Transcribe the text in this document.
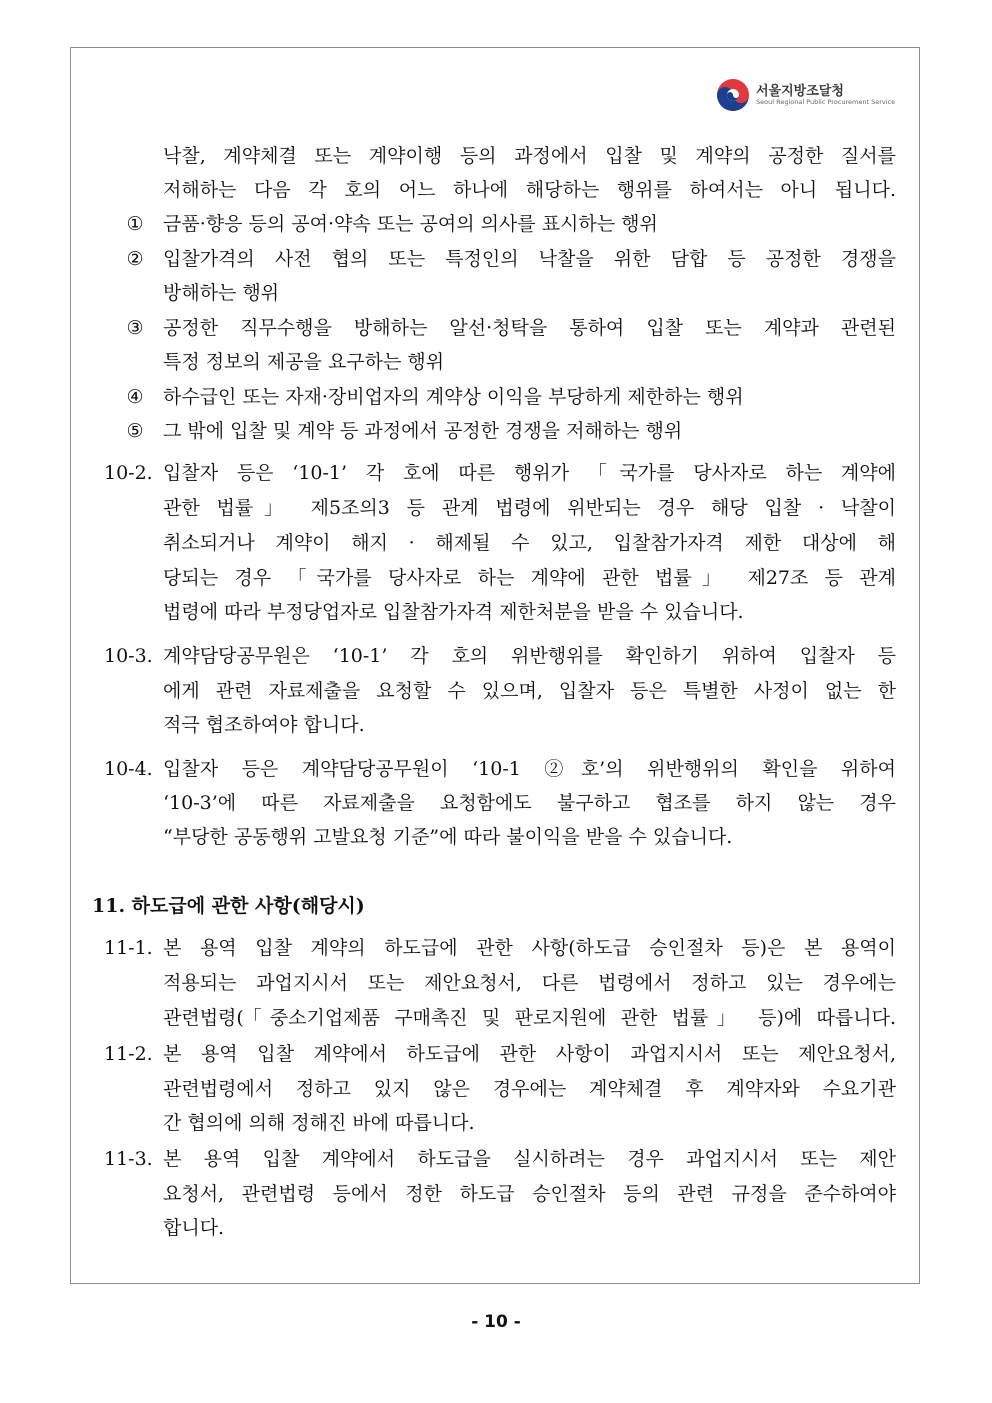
서울지방조달청
Seoul Regional Public Procurement Service
낙찰, 계약체결 또는 계약이행 등의 과정에서 입찰 및 계약의 공정한 질서를
저해하는 다음 각 호의 어느 하나에 해당하는 행위를 하여서는 아니 됩니다.
① 금품·향응 등의 공여·약속 또는 공여의 의사를 표시하는 행위
② 입찰가격의 사전 협의 또는 특정인의 낙찰을 위한 담합 등 공정한 경쟁을
방해하는 행위
③ 공정한 직무수행을 방해하는 알선·청탁을 통하여 입찰 또는 계약과 관련된
특정 정보의 제공을 요구하는 행위
④ 하수급인 또는 자재·장비업자의 계약상 이익을 부당하게 제한하는 행위
⑤ 그 밖에 입찰 및 계약 등 과정에서 공정한 경쟁을 저해하는 행위
10-2. 입찰자 등은 ‘10-1’ 각 호에 따른 행위가 「국가를 당사자로 하는 계약에
관한 법률」 제5조의3 등 관계 법령에 위반되는 경우 해당 입찰 · 낙찰이
취소되거나 계약이 해지 · 해제될 수 있고, 입찰참가자격 제한 대상에 해
당되는 경우 「국가를 당사자로 하는 계약에 관한 법률」 제27조 등 관계
법령에 따라 부정당업자로 입찰참가자격 제한처분을 받을 수 있습니다.
10-3. 계약담당공무원은 ‘10-1’ 각 호의 위반행위를 확인하기 위하여 입찰자 등
에게 관련 자료제출을 요청할 수 있으며, 입찰자 등은 특별한 사정이 없는 한
적극 협조하여야 합니다.
10-4. 입찰자 등은 계약담당공무원이 ‘10-1 ②호’의 위반행위의 확인을 위하여
‘10-3’에 따른 자료제출을 요청함에도 불구하고 협조를 하지 않는 경우
“부당한 공동행위 고발요청 기준”에 따라 불이익을 받을 수 있습니다.
11. 하도급에 관한 사항(해당시)
11-1. 본 용역 입찰 계약의 하도급에 관한 사항(하도급 승인절차 등)은 본 용역이
적용되는 과업지시서 또는 제안요청서, 다른 법령에서 정하고 있는 경우에는
관련법령(「중소기업제품 구매촉진 및 판로지원에 관한 법률」 등)에 따릅니다.
11-2. 본 용역 입찰 계약에서 하도급에 관한 사항이 과업지시서 또는 제안요청서,
관련법령에서 정하고 있지 않은 경우에는 계약체결 후 계약자와 수요기관
간 협의에 의해 정해진 바에 따릅니다.
11-3. 본 용역 입찰 계약에서 하도급을 실시하려는 경우 과업지시서 또는 제안
요청서, 관련법령 등에서 정한 하도급 승인절차 등의 관련 규정을 준수하여야
합니다.
- 10 -
